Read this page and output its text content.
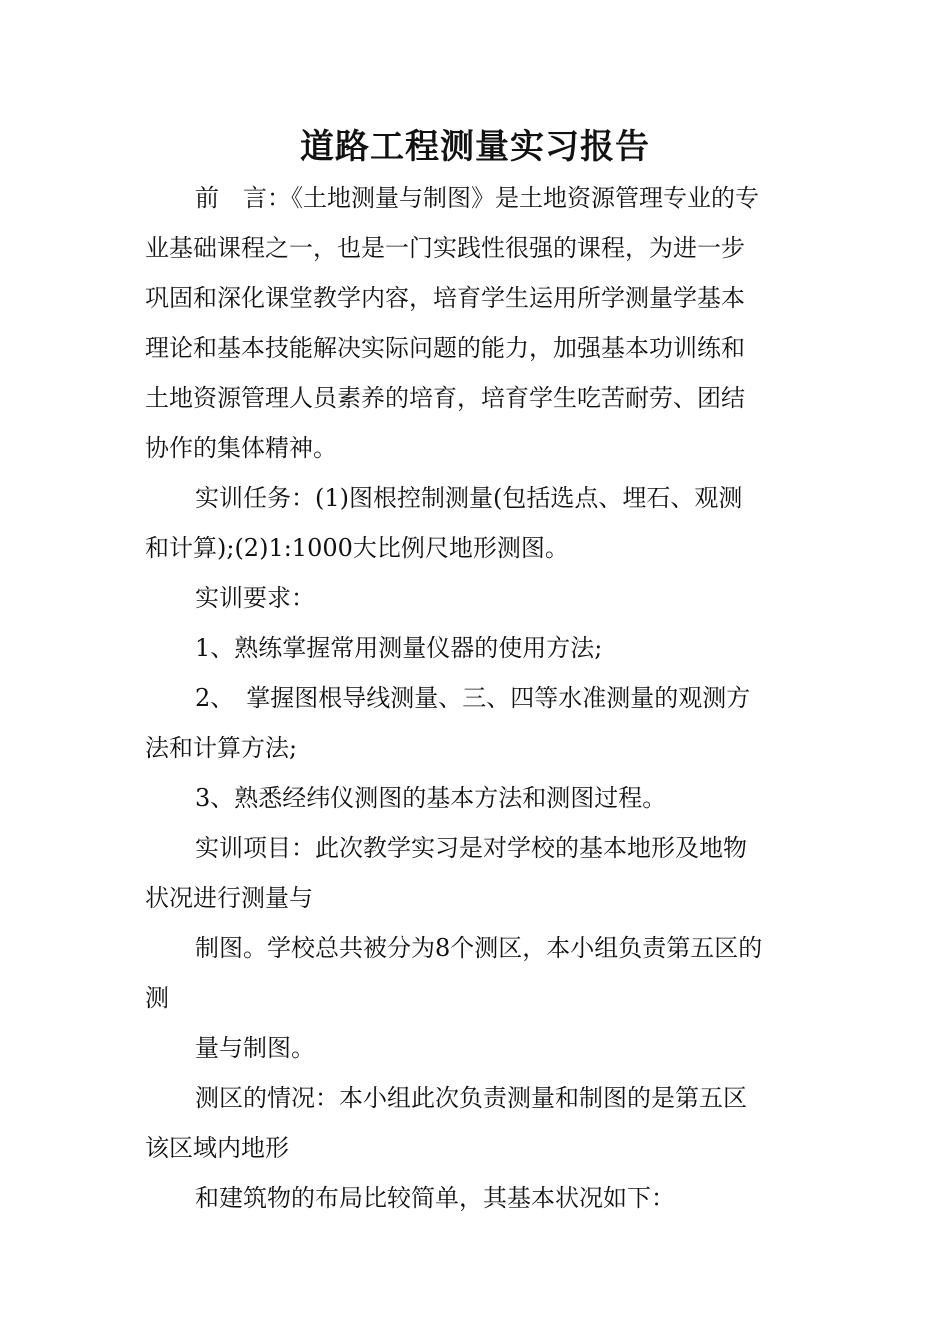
道路工程测量实习报告
前　言：《土地测量与制图》是土地资源管理专业的专
业基础课程之一，也是一门实践性很强的课程，为进一步
巩固和深化课堂教学内容，培育学生运用所学测量学基本
理论和基本技能解决实际问题的能力，加强基本功训练和
土地资源管理人员素养的培育，培育学生吃苦耐劳、团结
协作的集体精神。
实训任务：(1)图根控制测量(包括选点、埋石、观测
和计算);(2)1:1000大比例尺地形测图。
实训要求：
1、熟练掌握常用测量仪器的使用方法;
2、　掌握图根导线测量、三、四等水准测量的观测方
法和计算方法;
3、熟悉经纬仪测图的基本方法和测图过程。
实训项目：此次教学实习是对学校的基本地形及地物
状况进行测量与
制图。学校总共被分为8个测区，本小组负责第五区的
测
量与制图。
测区的情况：本小组此次负责测量和制图的是第五区
该区域内地形
和建筑物的布局比较简单，其基本状况如下：
